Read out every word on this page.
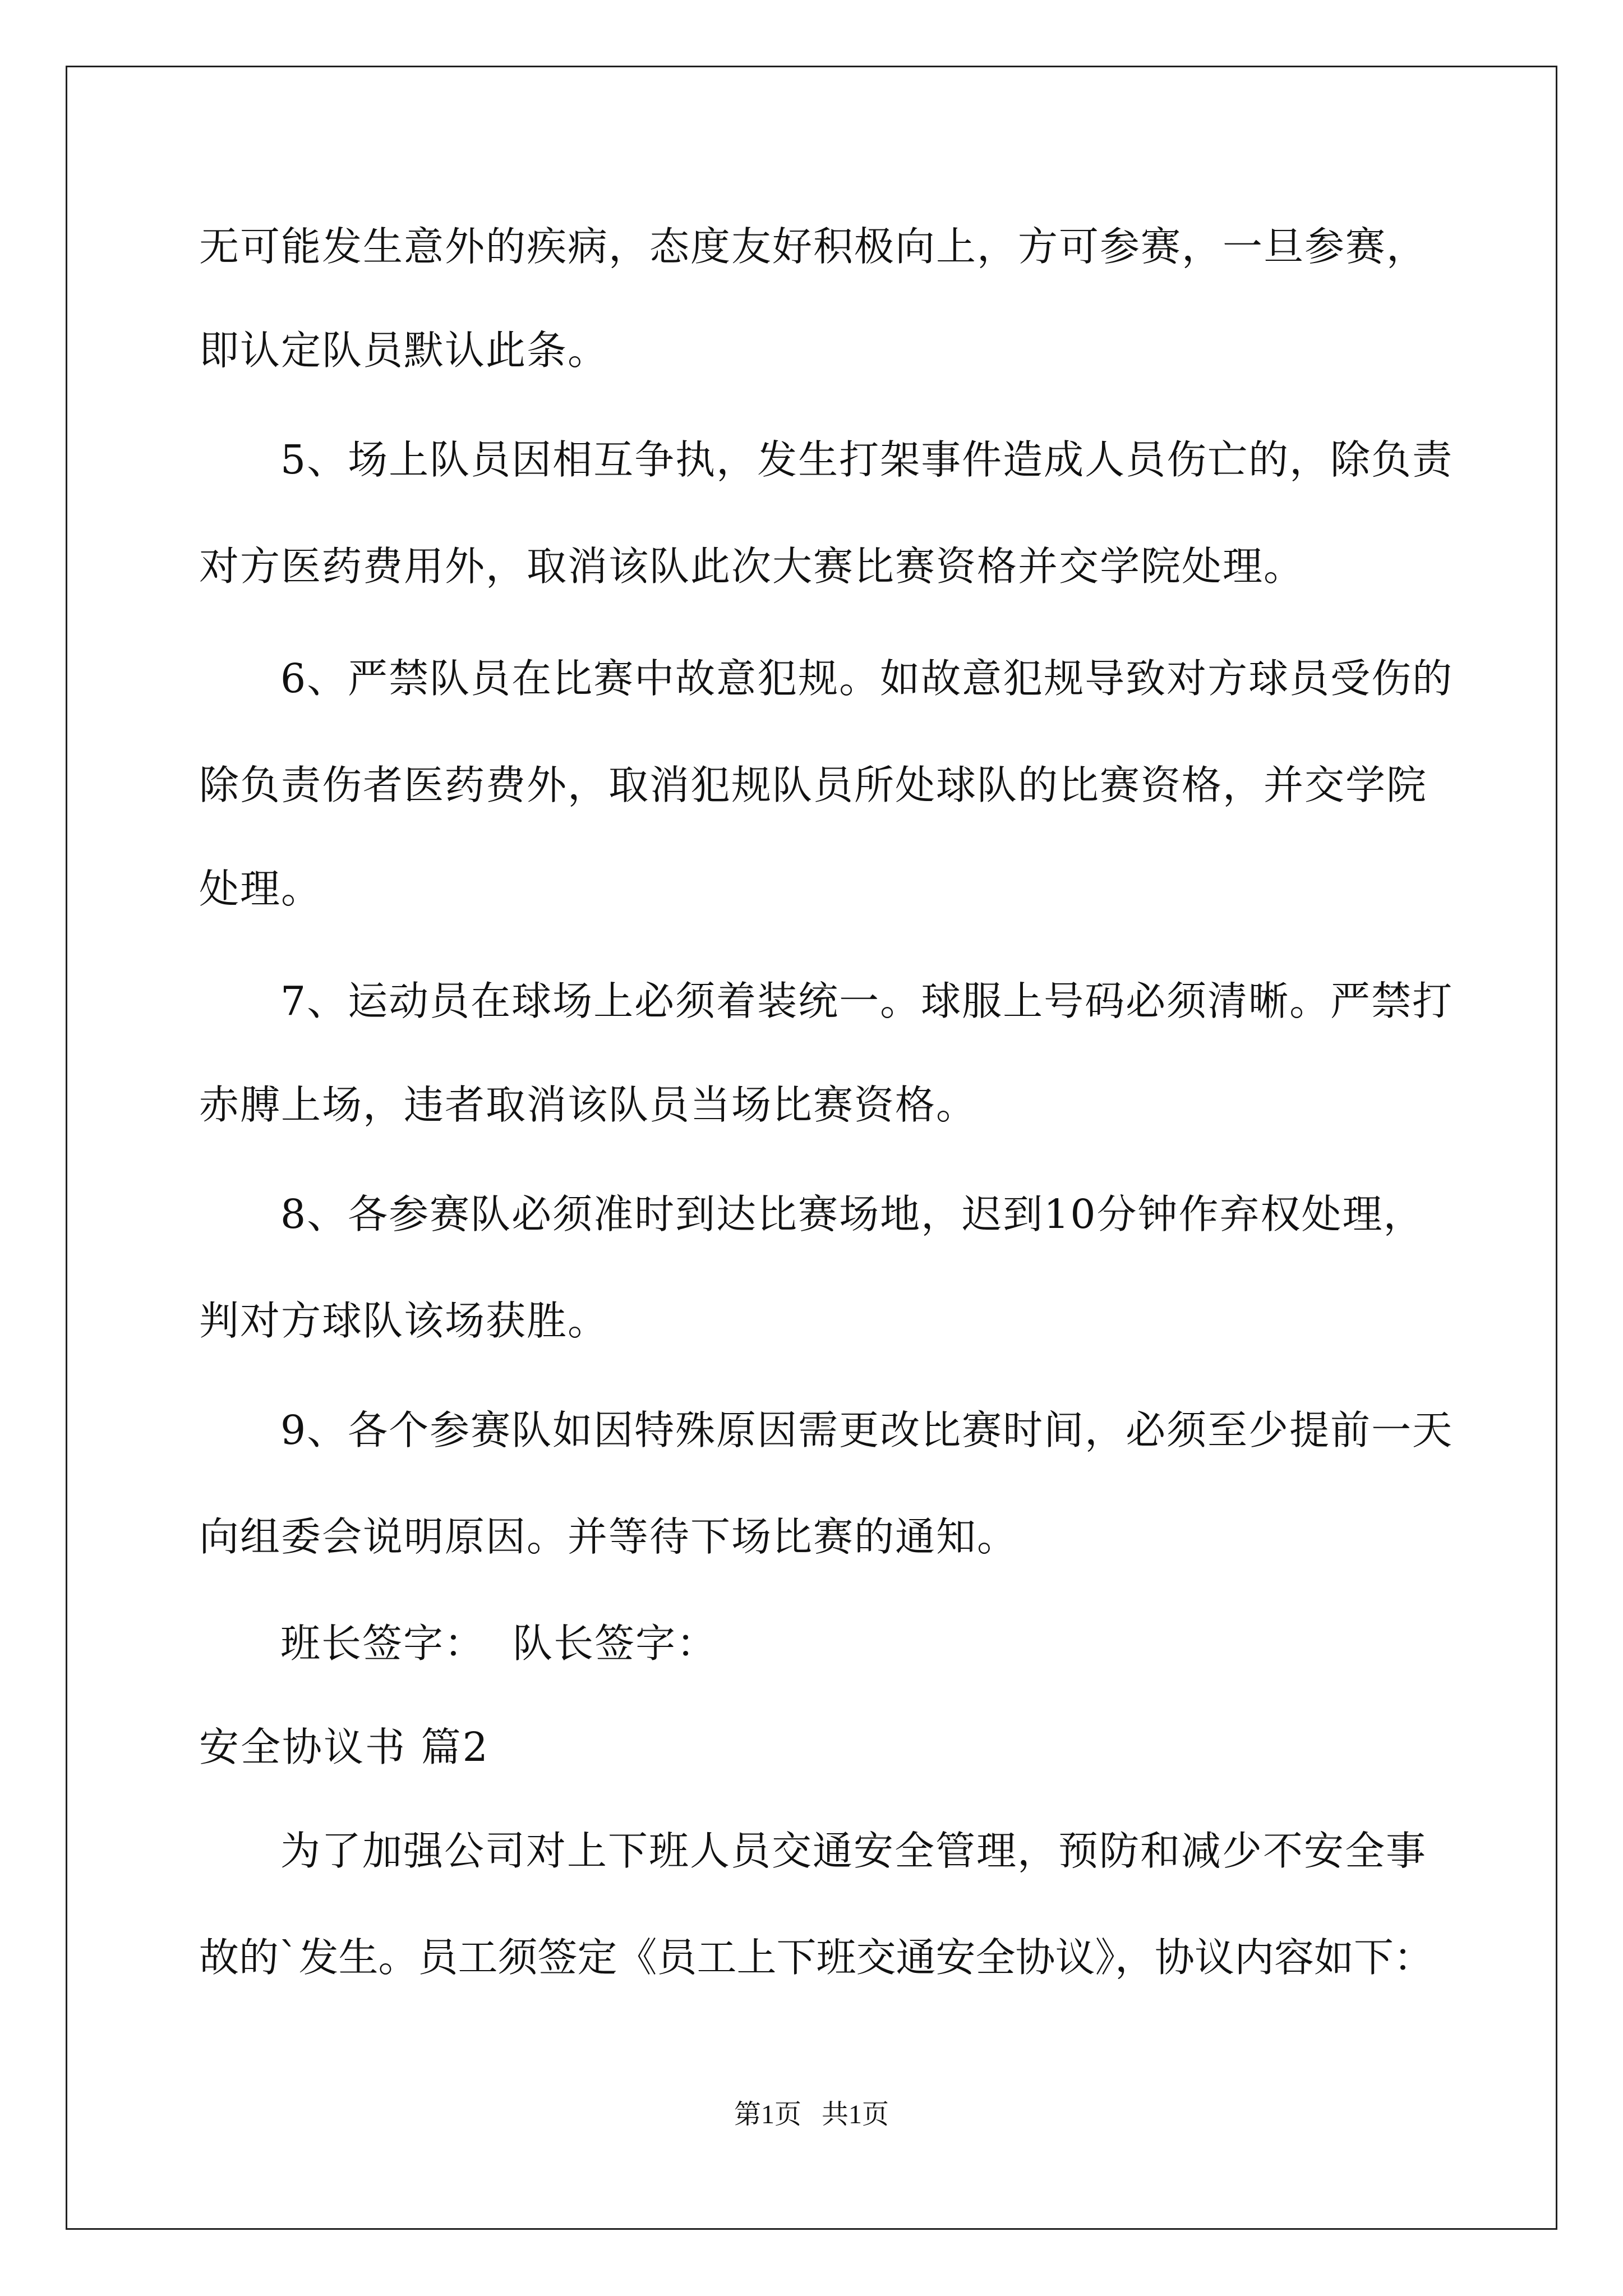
无可能发生意外的疾病，态度友好积极向上，方可参赛，一旦参赛，
即认定队员默认此条。
5、场上队员因相互争执，发生打架事件造成人员伤亡的，除负责
对方医药费用外，取消该队此次大赛比赛资格并交学院处理。
6、严禁队员在比赛中故意犯规。如故意犯规导致对方球员受伤的
除负责伤者医药费外，取消犯规队员所处球队的比赛资格，并交学院
处理。
7、运动员在球场上必须着装统一。球服上号码必须清晰。严禁打
赤膊上场，违者取消该队员当场比赛资格。
8、各参赛队必须准时到达比赛场地，迟到10分钟作弃权处理，
判对方球队该场获胜。
9、各个参赛队如因特殊原因需更改比赛时间，必须至少提前一天
向组委会说明原因。并等待下场比赛的通知。
班长签字：  队长签字：
安全协议书 篇2
为了加强公司对上下班人员交通安全管理，预防和减少不安全事
故的`发生。员工须签定《员工上下班交通安全协议》，协议内容如下：
第1页   共1页
